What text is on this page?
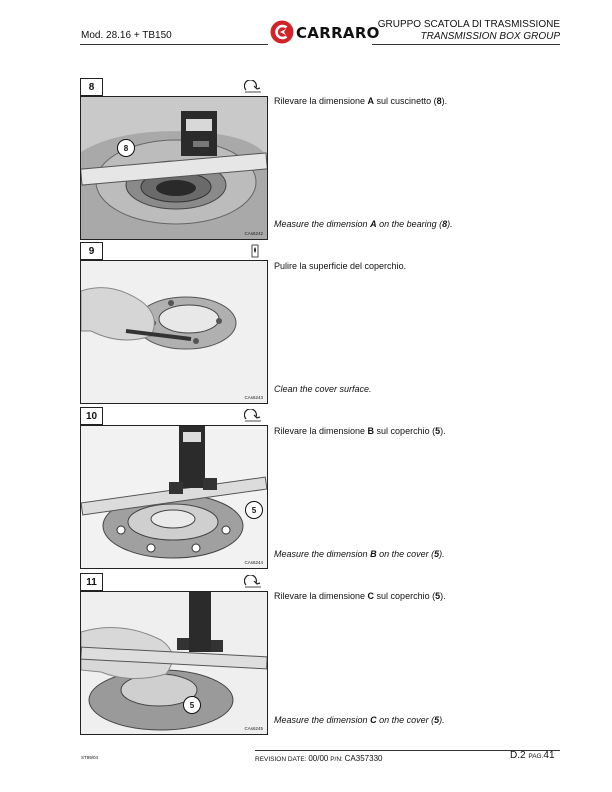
Mod. 28.16 + TB150	CARRARO
GRUPPO SCATOLA DI TRASMISSIONE
TRANSMISSION BOX GROUP
8
8
CAs6242
Rilevare la dimensione A sul cuscinetto (8).
Measure the dimension A on the bearing (8).
9
CAs6243
Pulire la superficie del coperchio.
Clean the cover surface.
10
5
CAs6244
Rilevare la dimensione B sul coperchio (5).
Measure the dimension B on the cover (5).
11
5
CAs6245
Rilevare la dimensione C sul coperchio (5).
Measure the dimension C on the cover (5).
ST89/04	REVISION DATE: 00/00 P/N: CA357330	D.2 PAG.41
